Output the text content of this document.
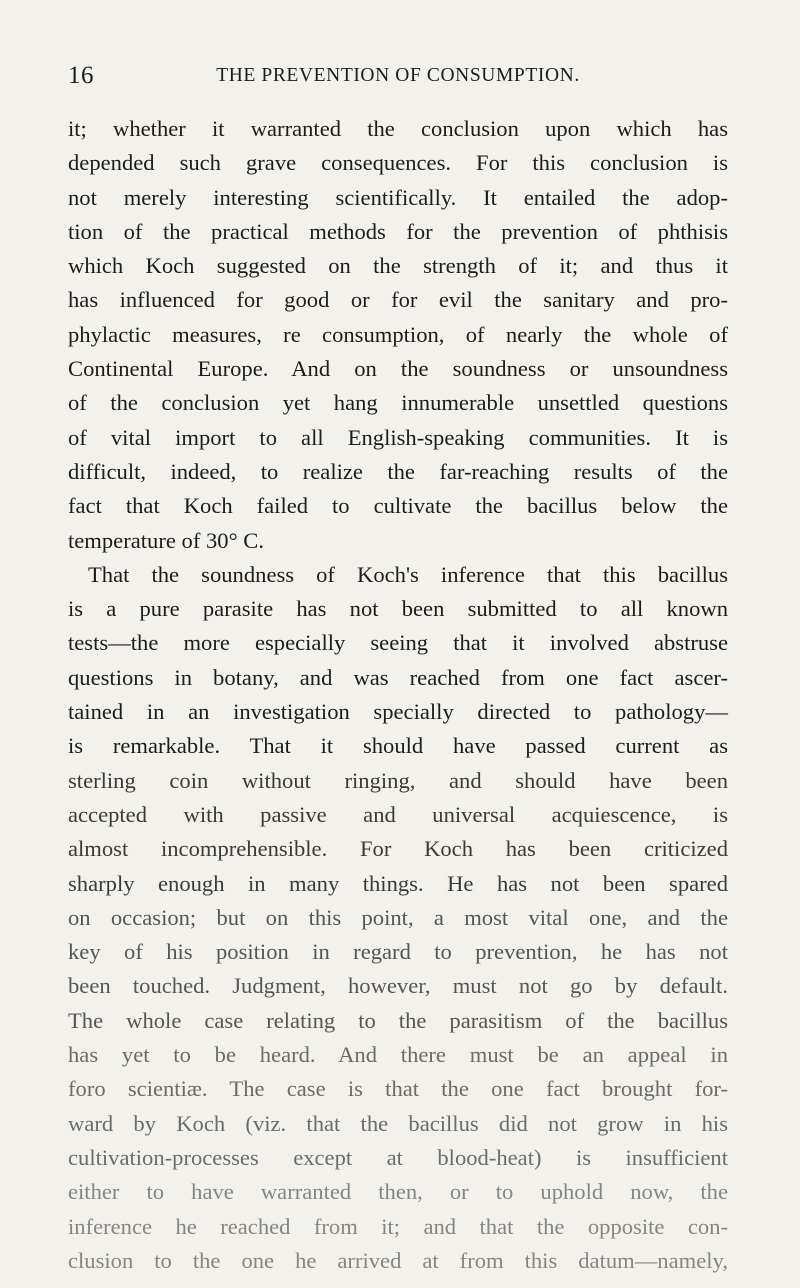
16	THE PREVENTION OF CONSUMPTION.
it; whether it warranted the conclusion upon which has
depended such grave consequences. For this conclusion is
not merely interesting scientifically. It entailed the adop-
tion of the practical methods for the prevention of phthisis
which Koch suggested on the strength of it; and thus it
has influenced for good or for evil the sanitary and pro-
phylactic measures, re consumption, of nearly the whole of
Continental Europe. And on the soundness or unsoundness
of the conclusion yet hang innumerable unsettled questions
of vital import to all English-speaking communities. It is
difficult, indeed, to realize the far-reaching results of the
fact that Koch failed to cultivate the bacillus below the
temperature of 30° C.
That the soundness of Koch's inference that this bacillus
is a pure parasite has not been submitted to all known
tests—the more especially seeing that it involved abstruse
questions in botany, and was reached from one fact ascer-
tained in an investigation specially directed to pathology—
is remarkable. That it should have passed current as
sterling coin without ringing, and should have been
accepted with passive and universal acquiescence, is
almost incomprehensible. For Koch has been criticized
sharply enough in many things. He has not been spared
on occasion; but on this point, a most vital one, and the
key of his position in regard to prevention, he has not
been touched. Judgment, however, must not go by default.
The whole case relating to the parasitism of the bacillus
has yet to be heard. And there must be an appeal in
foro scientiæ. The case is that the one fact brought for-
ward by Koch (viz. that the bacillus did not grow in his
cultivation-processes except at blood-heat) is insufficient
either to have warranted then, or to uphold now, the
inference he reached from it; and that the opposite con-
clusion to the one he arrived at from this datum—namely,
